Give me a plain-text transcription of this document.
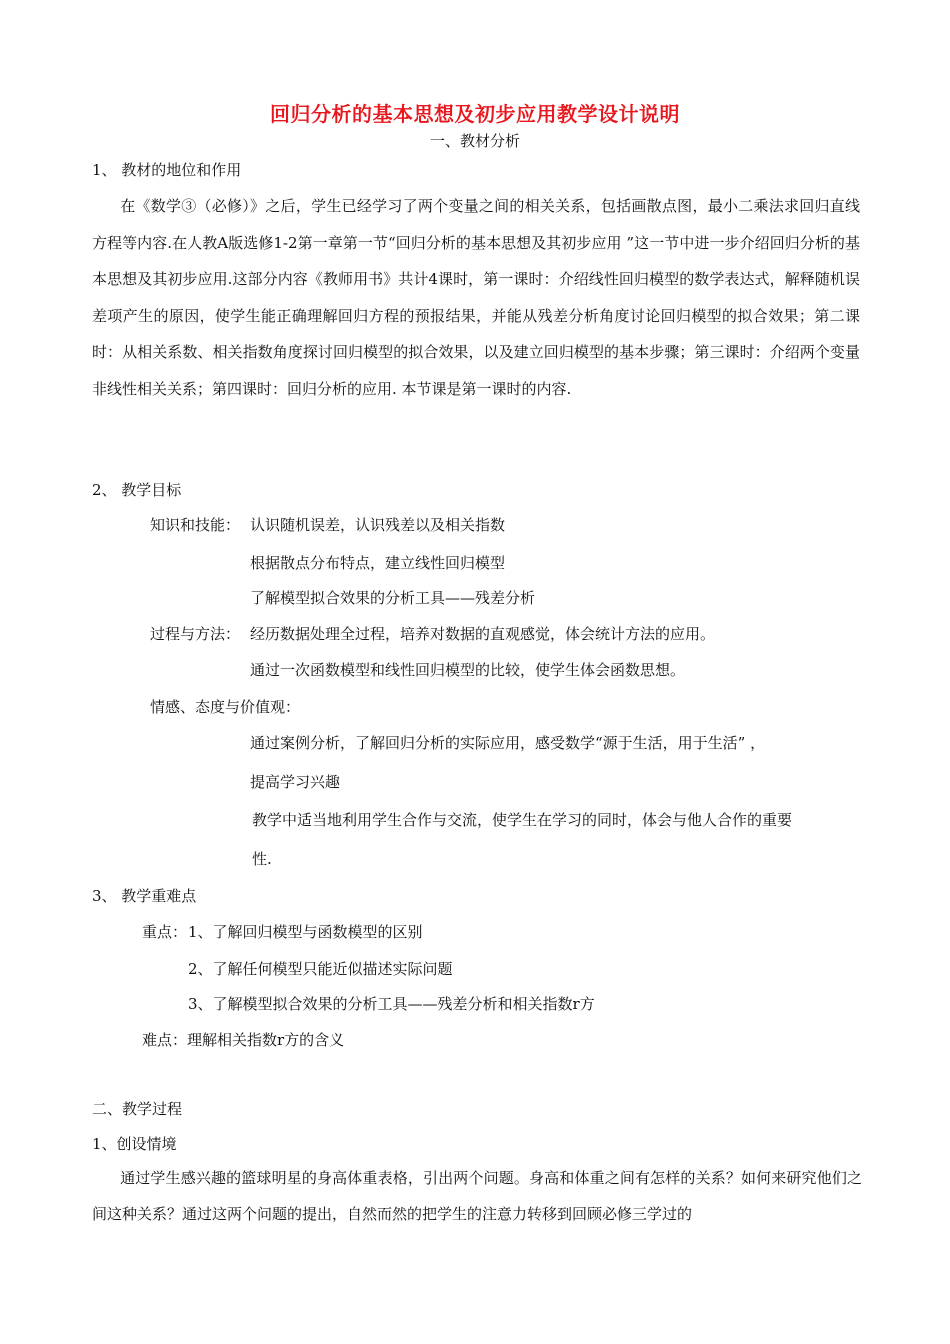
回归分析的基本思想及初步应用教学设计说明
一、教材分析
1、 教材的地位和作用
在《数学③（必修）》之后，学生已经学习了两个变量之间的相关关系，包括画散点图，最小二乘法求回归直线方程等内容.在人教A版选修1-2第一章第一节“回归分析的基本思想及其初步应用 ”这一节中进一步介绍回归分析的基本思想及其初步应用.这部分内容《教师用书》共计4课时，第一课时：介绍线性回归模型的数学表达式，解释随机误差项产生的原因，使学生能正确理解回归方程的预报结果，并能从残差分析角度讨论回归模型的拟合效果；第二课时：从相关系数、相关指数角度探讨回归模型的拟合效果，以及建立回归模型的基本步骤；第三课时：介绍两个变量非线性相关关系；第四课时：回归分析的应用. 本节课是第一课时的内容.
2、 教学目标
知识和技能： 认识随机误差，认识残差以及相关指数
根据散点分布特点，建立线性回归模型
了解模型拟合效果的分析工具——残差分析
过程与方法： 经历数据处理全过程，培养对数据的直观感觉，体会统计方法的应用。
通过一次函数模型和线性回归模型的比较，使学生体会函数思想。
情感、态度与价值观：
通过案例分析，了解回归分析的实际应用，感受数学“源于生活，用于生活” ，
提高学习兴趣
教学中适当地利用学生合作与交流，使学生在学习的同时，体会与他人合作的重要
性.
3、 教学重难点
重点： 1、了解回归模型与函数模型的区别
2、了解任何模型只能近似描述实际问题
3、了解模型拟合效果的分析工具——残差分析和相关指数r方
难点：理解相关指数r方的含义
二、教学过程
1、创设情境
通过学生感兴趣的篮球明星的身高体重表格，引出两个问题。身高和体重之间有怎样的关系？如何来研究他们之间这种关系？通过这两个问题的提出，自然而然的把学生的注意力转移到回顾必修三学过的
